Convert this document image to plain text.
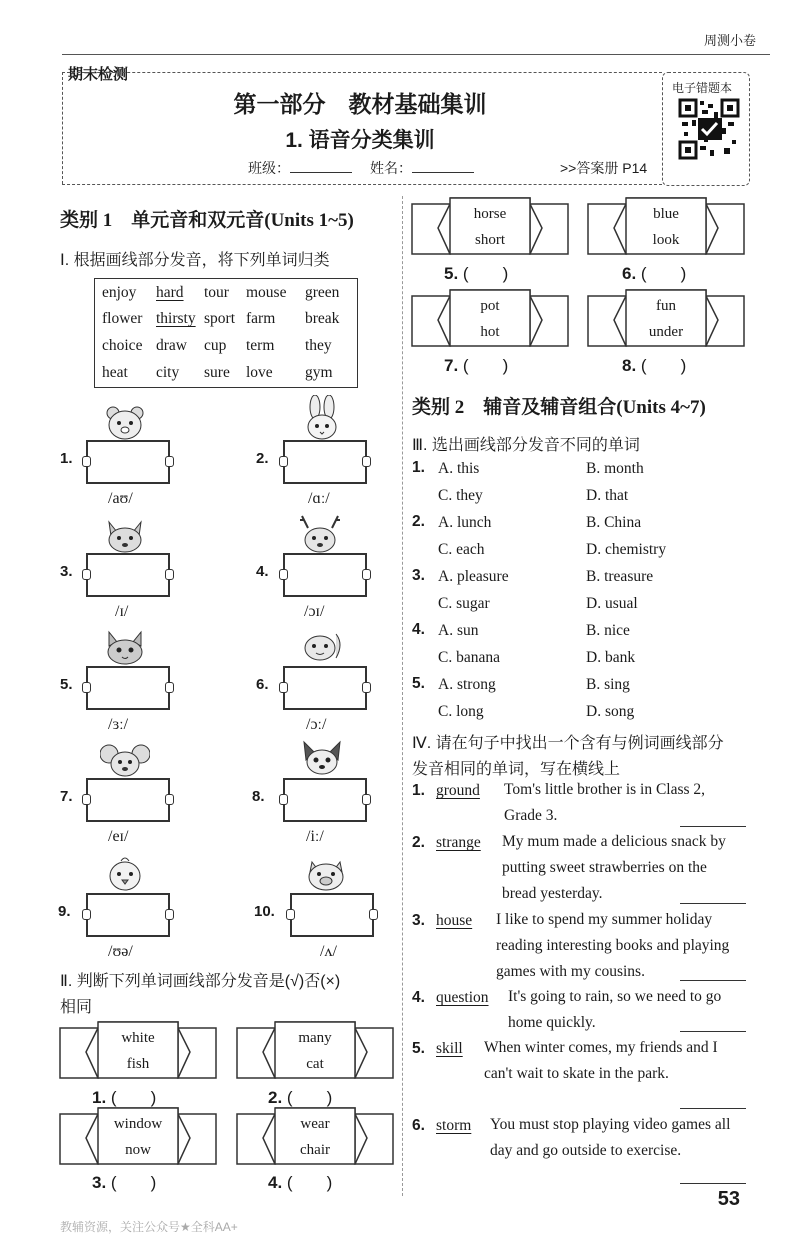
周测小卷
期末检测
电子错题本
第一部分　教材基础集训
1. 语音分类集训
班级：	姓名：	>>答案册 P14
类别 1　单元音和双元音(Units 1~5)
Ⅰ. 根据画线部分发音，将下列单词归类
enjoy hard tour mouse green
flower thirsty sport farm break
choice draw cup term they
heat city sure love gym
1.
/aʊ/
2.
/ɑː/
3.
/ɪ/
4.
/ɔɪ/
5.
/ɜː/
6.
/ɔː/
7.
/eɪ/
8.
/iː/
9.
/ʊə/
10.
/ʌ/
Ⅱ. 判断下列单词画线部分发音是(√)否(×)
相同
white
fish
1. (　　)
many
cat
2. (　　)
window
now
3. (　　)
wear
chair
4. (　　)
horse
short
5. (　　)
blue
look
6. (　　)
pot
hot
7. (　　)
fun
under
8. (　　)
类别 2　辅音及辅音组合(Units 4~7)
Ⅲ. 选出画线部分发音不同的单词
1. A. this	B. month
C. they	D. that
2. A. lunch	B. China
C. each	D. chemistry
3. A. pleasure	B. treasure
C. sugar	D. usual
4. A. sun	B. nice
C. banana	D. bank
5. A. strong	B. sing
C. long	D. song
Ⅳ. 请在句子中找出一个含有与例词画线部分
发音相同的单词，写在横线上
1. ground Tom's little brother is in Class 2,
Grade 3.
2. strange My mum made a delicious snack by
putting sweet strawberries on the
bread yesterday.
3. house I like to spend my summer holiday
reading interesting books and playing
games with my cousins.
4. question It's going to rain, so we need to go
home quickly.
5. skill When winter comes, my friends and I
can't wait to skate in the park.
6. storm You must stop playing video games all
day and go outside to exercise.
教辅资源，关注公众号★全科AA+
53
